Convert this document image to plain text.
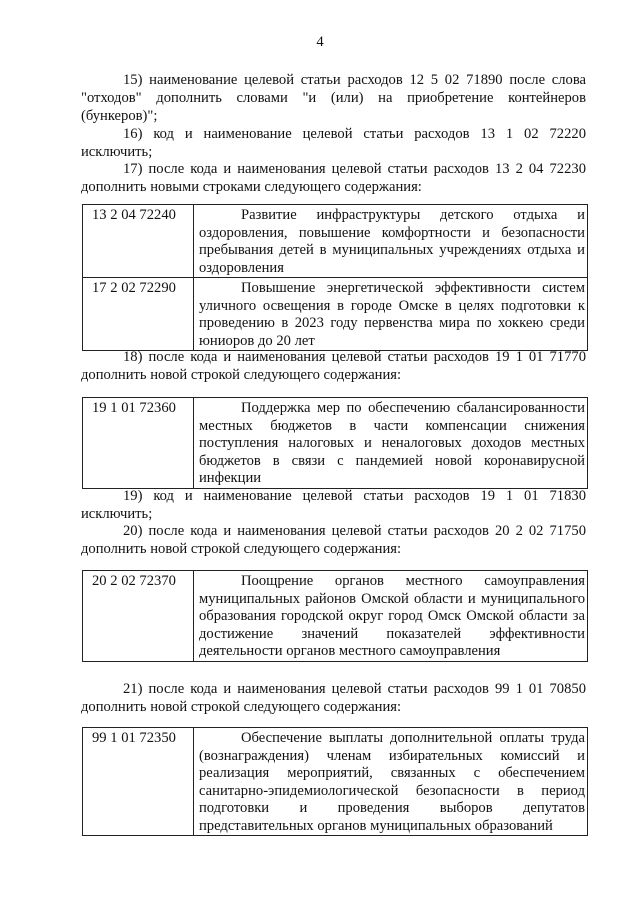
4
15) наименование целевой статьи расходов 12 5 02 71890 после слова "отходов" дополнить словами "и (или) на приобретение контейнеров (бункеров)";
16) код и наименование целевой статьи расходов 13 1 02 72220 исключить;
17) после кода и наименования целевой статьи расходов 13 2 04 72230 дополнить новыми строками следующего содержания:
13 2 04 72240	Развитие инфраструктуры детского отдыха и оздоровления, повышение комфортности и безопасности пребывания детей в муниципальных учреждениях отдыха и оздоровления
17 2 02 72290	Повышение энергетической эффективности систем уличного освещения в городе Омске в целях подготовки к проведению в 2023 году первенства мира по хоккею среди юниоров до 20 лет
18) после кода и наименования целевой статьи расходов 19 1 01 71770 дополнить новой строкой следующего содержания:
19 1 01 72360	Поддержка мер по обеспечению сбалансированности местных бюджетов в части компенсации снижения поступления налоговых и неналоговых доходов местных бюджетов в связи с пандемией новой коронавирусной инфекции
19) код и наименование целевой статьи расходов 19 1 01 71830 исключить;
20) после кода и наименования целевой статьи расходов 20 2 02 71750 дополнить новой строкой следующего содержания:
20 2 02 72370	Поощрение органов местного самоуправления муниципальных районов Омской области и муниципального образования городской округ город Омск Омской области за достижение значений показателей эффективности деятельности органов местного самоуправления
21) после кода и наименования целевой статьи расходов 99 1 01 70850 дополнить новой строкой следующего содержания:
99 1 01 72350	Обеспечение выплаты дополнительной оплаты труда (вознаграждения) членам избирательных комиссий и реализация мероприятий, связанных с обеспечением санитарно-эпидемиологической безопасности в период подготовки и проведения выборов депутатов представительных органов муниципальных образований
